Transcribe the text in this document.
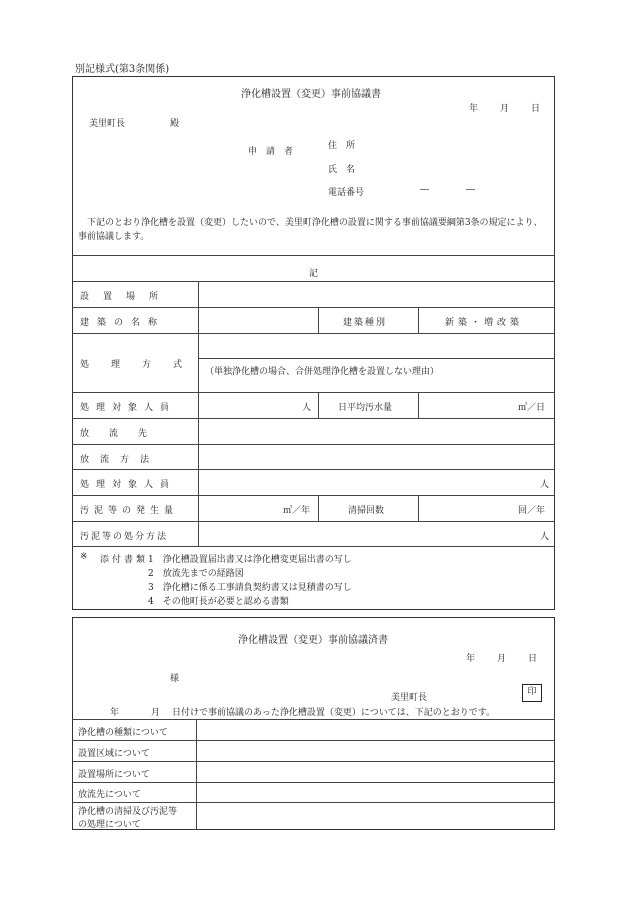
別記様式(第3条関係)
浄化槽設置（変更）事前協議書
年 月 日
美里町長	殿
申　請　者
住　所
氏　名
電話番号	―	―
　下記のとおり浄化槽を設置（変更）したいので、美里町浄化槽の設置に関する事前協議要綱第3条の規定により、事前協議します。
記
設置場所
建築の名称	建築種別	新築・増改築
処理方式
（単独浄化槽の場合、合併処理浄化槽を設置しない理由）
処理対象人員	人	日平均汚水量	㎥／日
放流先
放流方法
処理対象人員	人
汚泥等の発生量	㎥／年	清掃回数	回／年
汚泥等の処分方法	人
※ 添付書類 1　浄化槽設置届出書又は浄化槽変更届出書の写し
2　放流先までの経路図
3　浄化槽に係る工事請負契約書又は見積書の写し
4　その他町長が必要と認める書類
浄化槽設置（変更）事前協議済書
年 月 日
様
美里町長
印
年	月 日付けで事前協議のあった浄化槽設置（変更）については、下記のとおりです。
浄化槽の種類について
設置区域について
設置場所について
放流先について
浄化槽の清掃及び汚泥等
の処理について
